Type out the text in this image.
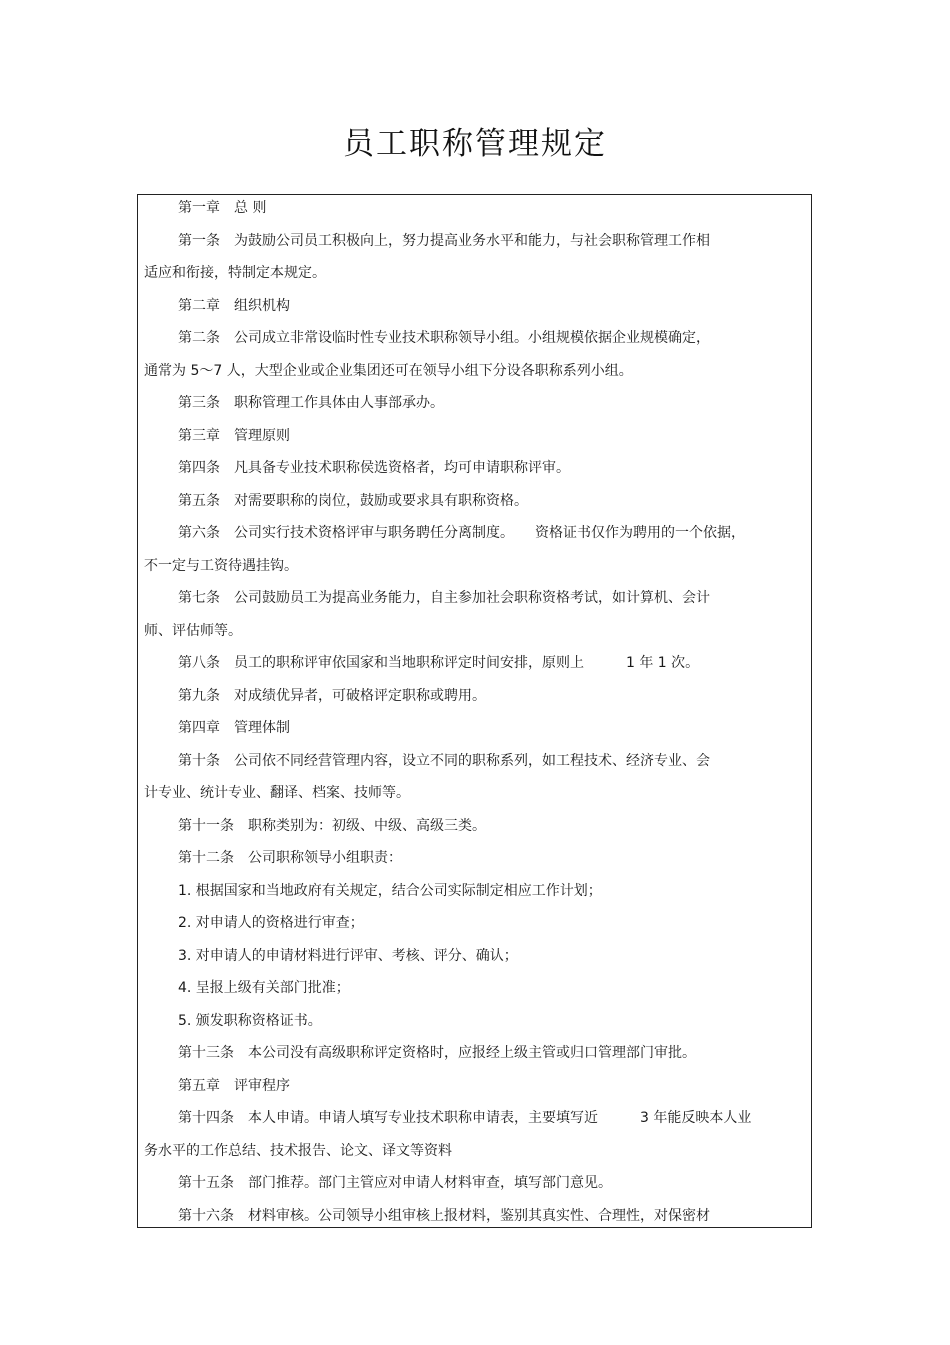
员工职称管理规定
第一章　总 则
第一条　为鼓励公司员工积极向上，努力提高业务水平和能力，与社会职称管理工作相
适应和衔接，特制定本规定。
第二章　组织机构
第二条　公司成立非常设临时性专业技术职称领导小组。小组规模依据企业规模确定，
通常为 5～7 人，大型企业或企业集团还可在领导小组下分设各职称系列小组。
第三条　职称管理工作具体由人事部承办。
第三章　管理原则
第四条　凡具备专业技术职称侯选资格者，均可申请职称评审。
第五条　对需要职称的岗位，鼓励或要求具有职称资格。
第六条　公司实行技术资格评审与职务聘任分离制度。　　资格证书仅作为聘用的一个依据，
不一定与工资待遇挂钩。
第七条　公司鼓励员工为提高业务能力，自主参加社会职称资格考试，如计算机、会计
师、评估师等。
第八条　员工的职称评审依国家和当地职称评定时间安排，原则上　　　1 年 1 次。
第九条　对成绩优异者，可破格评定职称或聘用。
第四章　管理体制
第十条　公司依不同经营管理内容，设立不同的职称系列，如工程技术、经济专业、会
计专业、统计专业、翻译、档案、技师等。
第十一条　职称类别为：初级、中级、高级三类。
第十二条　公司职称领导小组职责：
1. 根据国家和当地政府有关规定，结合公司实际制定相应工作计划；
2. 对申请人的资格进行审查；
3. 对申请人的申请材料进行评审、考核、评分、确认；
4. 呈报上级有关部门批准；
5. 颁发职称资格证书。
第十三条　本公司没有高级职称评定资格时，应报经上级主管或归口管理部门审批。
第五章　评审程序
第十四条　本人申请。申请人填写专业技术职称申请表，主要填写近　　　3 年能反映本人业
务水平的工作总结、技术报告、论文、译文等资料
第十五条　部门推荐。部门主管应对申请人材料审查，填写部门意见。
第十六条　材料审核。公司领导小组审核上报材料，鉴别其真实性、合理性，对保密材
